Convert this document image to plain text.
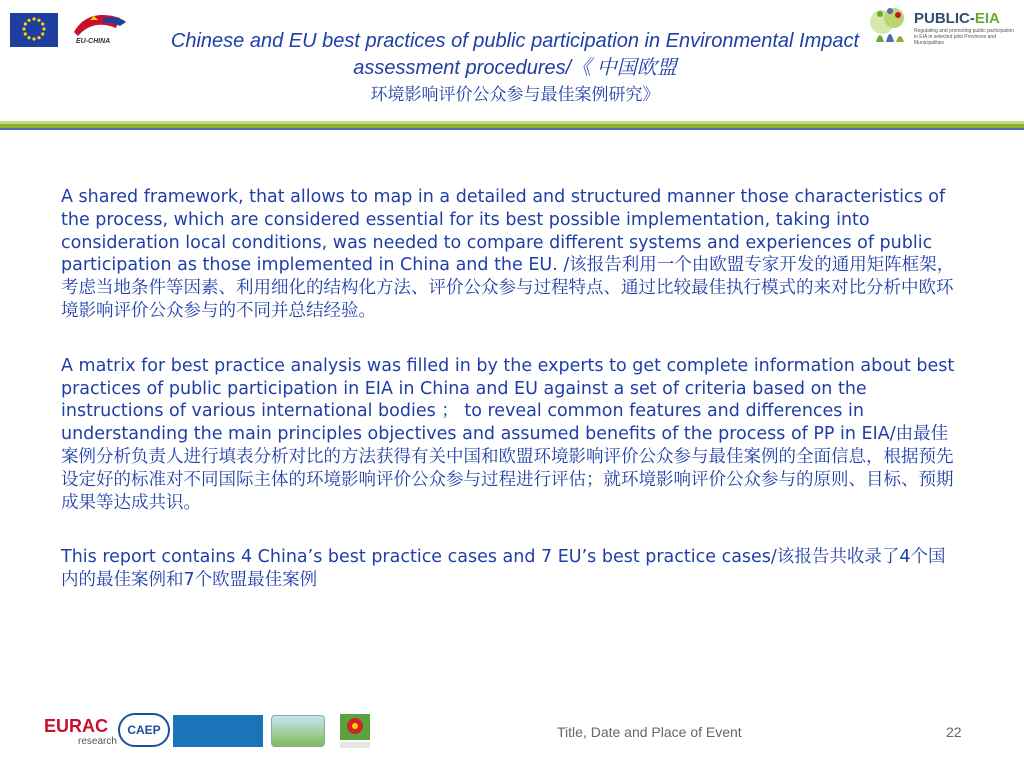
EU-CHINA	Chinese and EU best practices of public participation in Environmental Impact assessment procedures/《 中国欧盟
环境影响评价公众参与最佳案例研究》
PUBLIC-EIA
Regulating and promoting public participation in EIA in selected pilot Provinces and Municipalities

A shared framework, that allows to map in a detailed and structured manner those characteristics of the process, which are considered essential for its best possible implementation, taking into consideration local conditions, was needed to compare different systems and experiences of public participation as those implemented in China and the EU. /该报告利用一个由欧盟专家开发的通用矩阵框架，考虑当地条件等因素、利用细化的结构化方法、评价公众参与过程特点、通过比较最佳执行模式的来对比分析中欧环境影响评价公众参与的不同并总结经验。

A matrix for best practice analysis was filled in by the experts to get complete information about best practices of public participation in EIA in China and EU against a set of criteria based on the instructions of various international bodies ； to reveal common features and differences in understanding the main principles objectives and assumed benefits of the process of PP in EIA/由最佳案例分析负责人进行填表分析对比的方法获得有关中国和欧盟环境影响评价公众参与最佳案例的全面信息，根据预先设定好的标准对不同国际主体的环境影响评价公众参与过程进行评估；就环境影响评价公众参与的原则、目标、预期成果等达成共识。

This report contains 4 China’s best practice cases and 7 EU’s best practice cases/该报告共收录了4个国内的最佳案例和7个欧盟最佳案例

EURAC
research
CAEP	Title, Date and Place of Event	22
